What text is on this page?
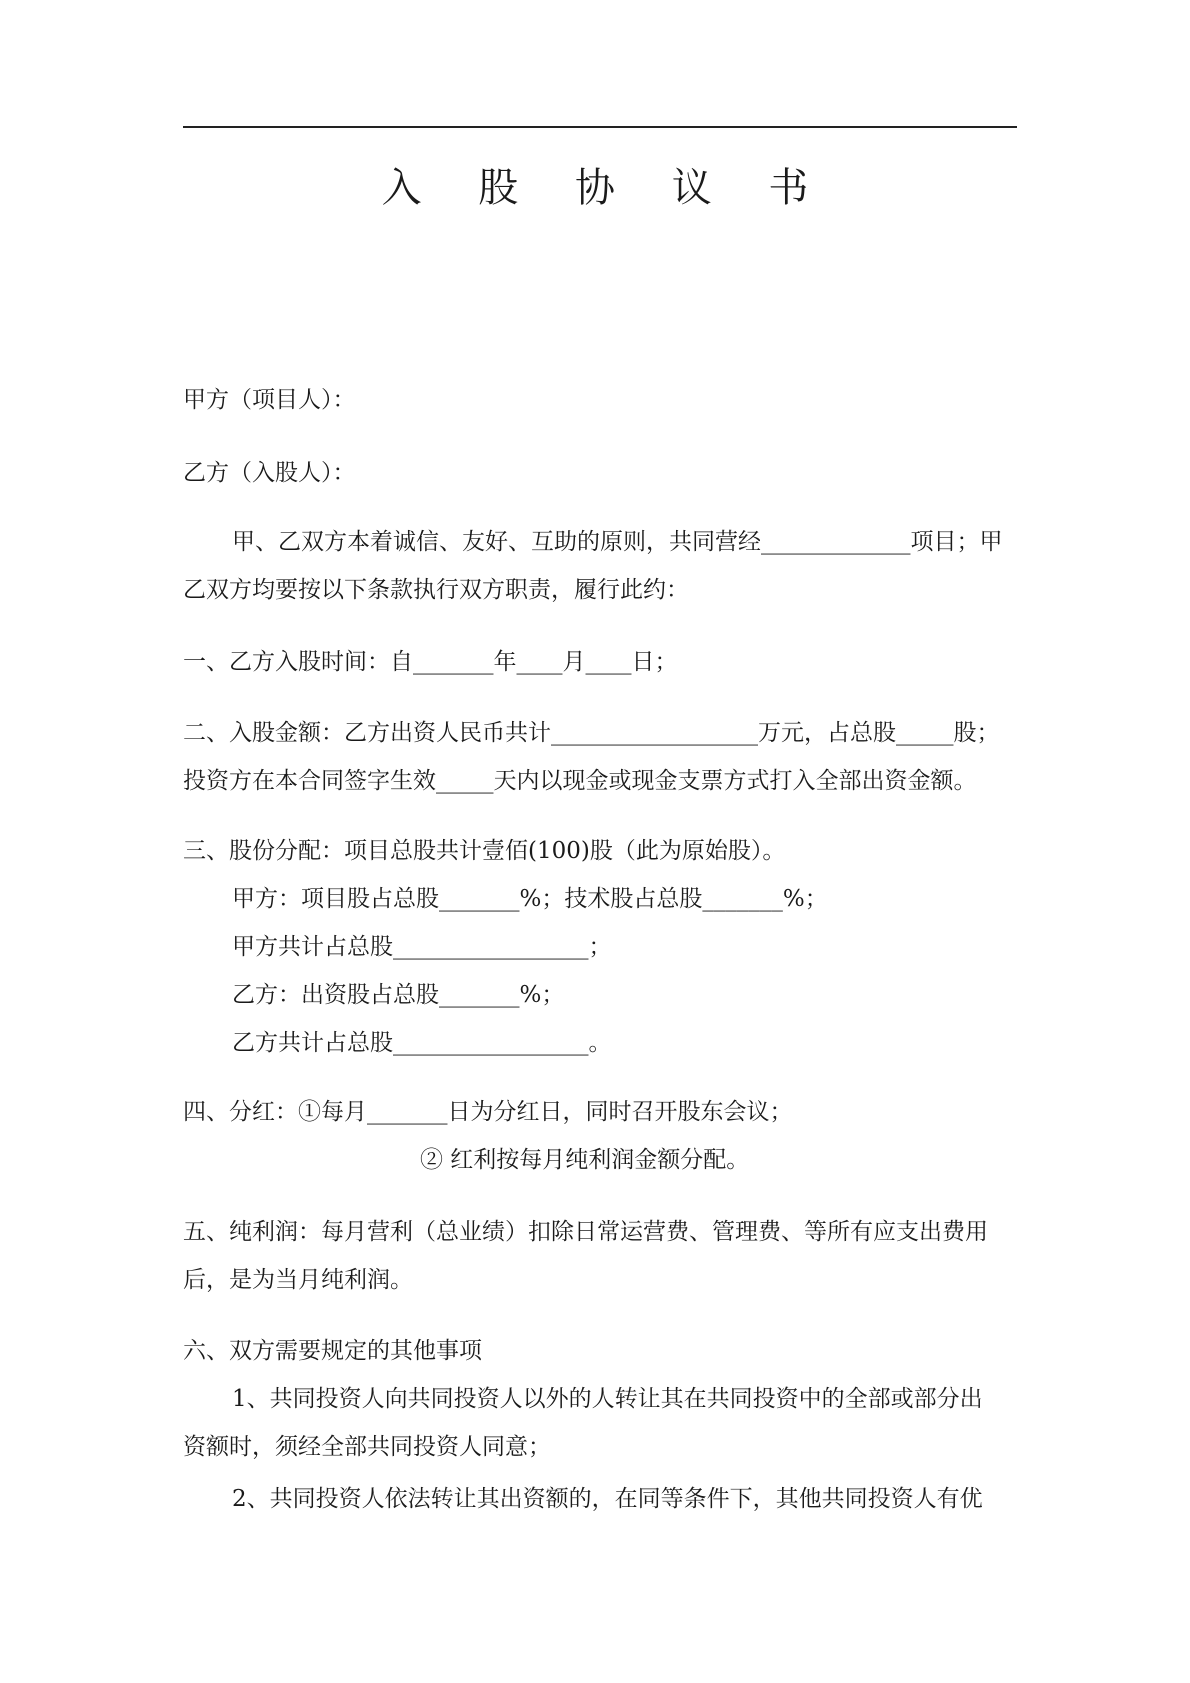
入 股 协 议 书
甲方（项目人）：
乙方（入股人）：
甲、乙双方本着诚信、友好、互助的原则，共同营经_____________项目；甲
乙双方均要按以下条款执行双方职责，履行此约：
一、乙方入股时间：自_______年____月____日；
二、入股金额：乙方出资人民币共计__________________万元，占总股_____股；
投资方在本合同签字生效_____天内以现金或现金支票方式打入全部出资金额。
三、股份分配：项目总股共计壹佰(100)股（此为原始股）。
甲方：项目股占总股_______%；技术股占总股_______%；
甲方共计占总股_________________；
乙方：出资股占总股_______%；
乙方共计占总股_________________。
四、分红：①每月_______日为分红日，同时召开股东会议；
② 红利按每月纯利润金额分配。
五、纯利润：每月营利（总业绩）扣除日常运营费、管理费、等所有应支出费用
后，是为当月纯利润。
六、双方需要规定的其他事项
1、共同投资人向共同投资人以外的人转让其在共同投资中的全部或部分出
资额时，须经全部共同投资人同意；
2、共同投资人依法转让其出资额的，在同等条件下，其他共同投资人有优
